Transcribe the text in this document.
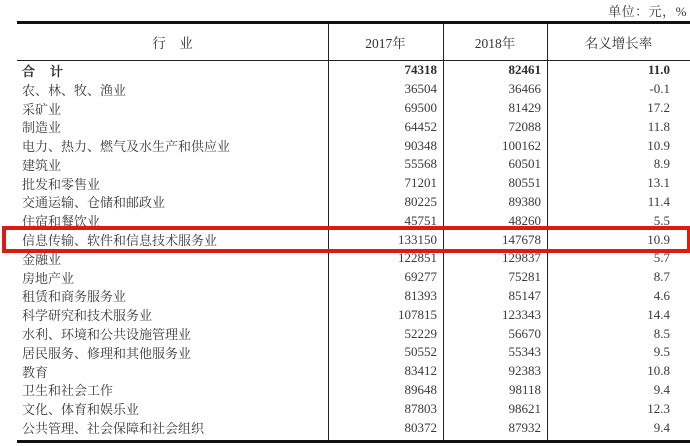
单位：元，%
行　业	2017年	2018年	名义增长率
合　计	74318	82461	11.0
农、林、牧、渔业	36504	36466	-0.1
采矿业	69500	81429	17.2
制造业	64452	72088	11.8
电力、热力、燃气及水生产和供应业	90348	100162	10.9
建筑业	55568	60501	8.9
批发和零售业	71201	80551	13.1
交通运输、仓储和邮政业	80225	89380	11.4
住宿和餐饮业	45751	48260	5.5
信息传输、软件和信息技术服务业	133150	147678	10.9
金融业	122851	129837	5.7
房地产业	69277	75281	8.7
租赁和商务服务业	81393	85147	4.6
科学研究和技术服务业	107815	123343	14.4
水利、环境和公共设施管理业	52229	56670	8.5
居民服务、修理和其他服务业	50552	55343	9.5
教育	83412	92383	10.8
卫生和社会工作	89648	98118	9.4
文化、体育和娱乐业	87803	98621	12.3
公共管理、社会保障和社会组织	80372	87932	9.4
